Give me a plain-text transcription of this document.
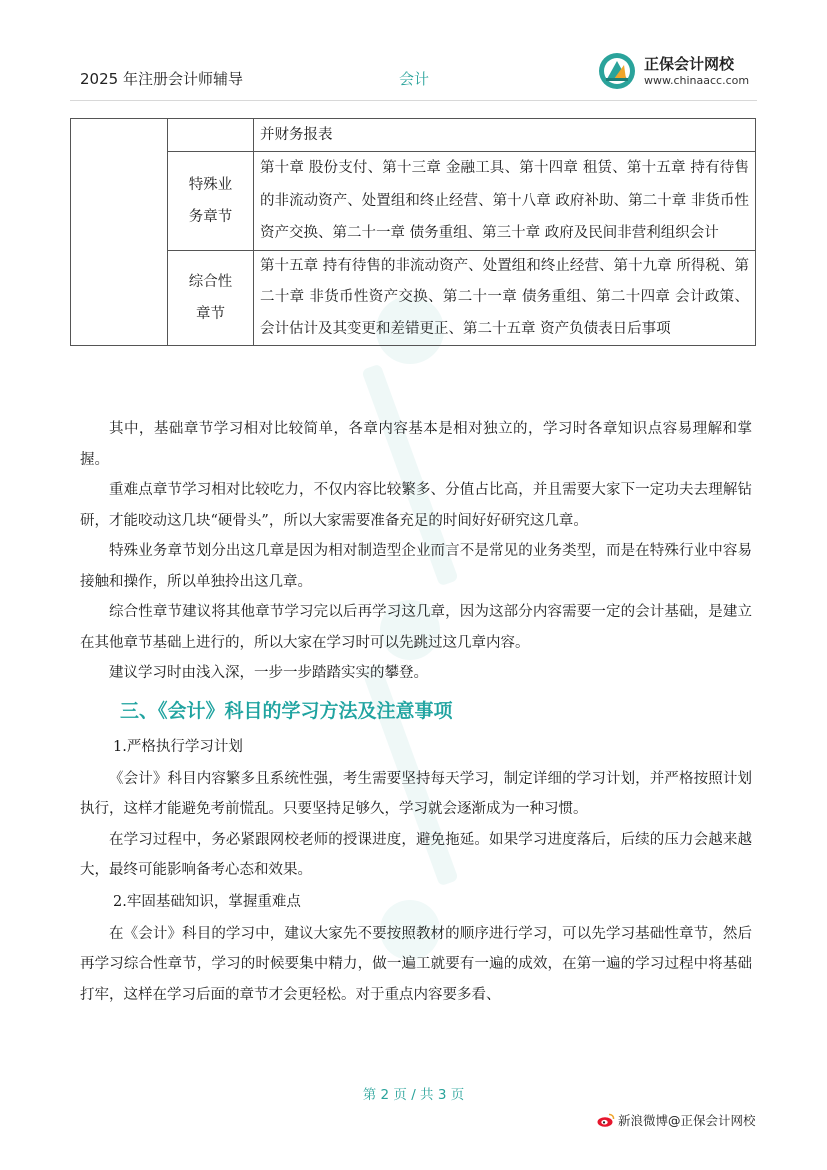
2025 年注册会计师辅导	会计
正保会计网校
www.chinaacc.com
		并财务报表
	特殊业务章节	第十章 股份支付、第十三章 金融工具、第十四章 租赁、第十五章 持有待售的非流动资产、处置组和终止经营、第十八章 政府补助、第二十章 非货币性资产交换、第二十一章 债务重组、第三十章 政府及民间非营利组织会计
	综合性章节	第十五章 持有待售的非流动资产、处置组和终止经营、第十九章 所得税、第二十章 非货币性资产交换、第二十一章 债务重组、第二十四章 会计政策、会计估计及其变更和差错更正、第二十五章 资产负债表日后事项

其中，基础章节学习相对比较简单，各章内容基本是相对独立的，学习时各章知识点容易理解和掌握。

重难点章节学习相对比较吃力，不仅内容比较繁多、分值占比高，并且需要大家下一定功夫去理解钻研，才能咬动这几块“硬骨头”，所以大家需要准备充足的时间好好研究这几章。

特殊业务章节划分出这几章是因为相对制造型企业而言不是常见的业务类型，而是在特殊行业中容易接触和操作，所以单独拎出这几章。

综合性章节建议将其他章节学习完以后再学习这几章，因为这部分内容需要一定的会计基础，是建立在其他章节基础上进行的，所以大家在学习时可以先跳过这几章内容。

建议学习时由浅入深，一步一步踏踏实实的攀登。

三、《会计》科目的学习方法及注意事项
1.严格执行学习计划

《会计》科目内容繁多且系统性强，考生需要坚持每天学习，制定详细的学习计划，并严格按照计划执行，这样才能避免考前慌乱。只要坚持足够久，学习就会逐渐成为一种习惯。

在学习过程中，务必紧跟网校老师的授课进度，避免拖延。如果学习进度落后，后续的压力会越来越大，最终可能影响备考心态和效果。

2.牢固基础知识，掌握重难点

在《会计》科目的学习中，建议大家先不要按照教材的顺序进行学习，可以先学习基础性章节，然后再学习综合性章节，学习的时候要集中精力，做一遍工就要有一遍的成效，在第一遍的学习过程中将基础打牢，这样在学习后面的章节才会更轻松。对于重点内容要多看、

第 2 页 / 共 3 页
新浪微博@正保会计网校
